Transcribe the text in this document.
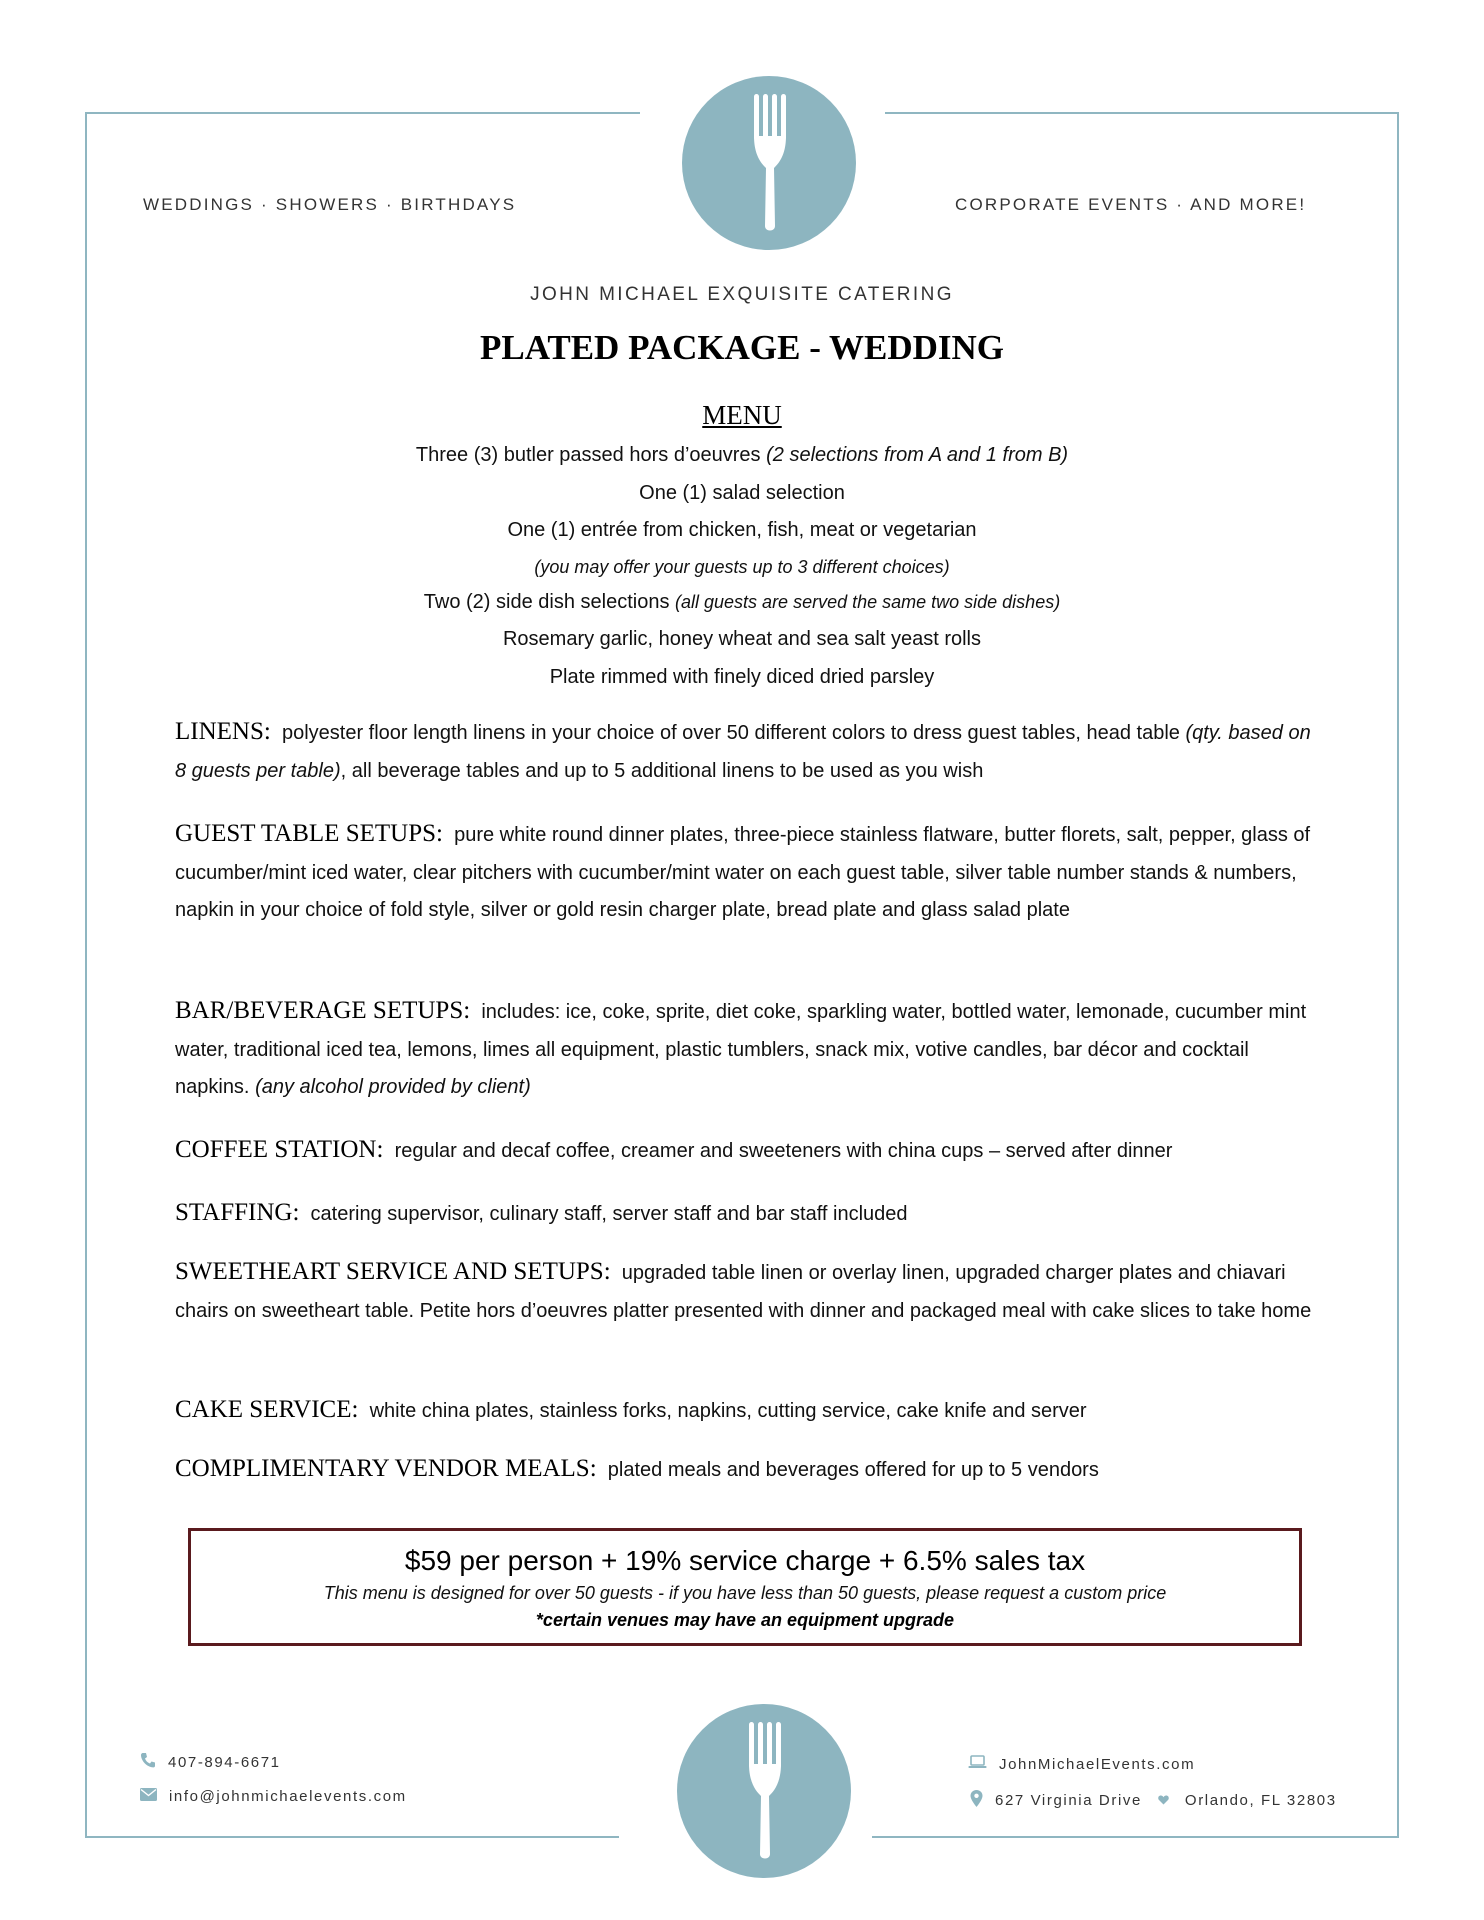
WEDDINGS · SHOWERS · BIRTHDAYS	CORPORATE EVENTS · AND MORE!
JOHN MICHAEL EXQUISITE CATERING
PLATED PACKAGE - WEDDING
MENU
Three (3) butler passed hors d’oeuvres (2 selections from A and 1 from B)
One (1) salad selection
One (1) entrée from chicken, fish, meat or vegetarian
(you may offer your guests up to 3 different choices)
Two (2) side dish selections (all guests are served the same two side dishes)
Rosemary garlic, honey wheat and sea salt yeast rolls
Plate rimmed with finely diced dried parsley
LINENS: polyester floor length linens in your choice of over 50 different colors to dress guest tables, head table (qty. based on 8 guests per table), all beverage tables and up to 5 additional linens to be used as you wish
GUEST TABLE SETUPS: pure white round dinner plates, three-piece stainless flatware, butter florets, salt, pepper, glass of cucumber/mint iced water, clear pitchers with cucumber/mint water on each guest table, silver table number stands & numbers, napkin in your choice of fold style, silver or gold resin charger plate, bread plate and glass salad plate
BAR/BEVERAGE SETUPS: includes: ice, coke, sprite, diet coke, sparkling water, bottled water, lemonade, cucumber mint water, traditional iced tea, lemons, limes all equipment, plastic tumblers, snack mix, votive candles, bar décor and cocktail napkins. (any alcohol provided by client)
COFFEE STATION: regular and decaf coffee, creamer and sweeteners with china cups – served after dinner
STAFFING: catering supervisor, culinary staff, server staff and bar staff included
SWEETHEART SERVICE AND SETUPS: upgraded table linen or overlay linen, upgraded charger plates and chiavari chairs on sweetheart table. Petite hors d’oeuvres platter presented with dinner and packaged meal with cake slices to take home
CAKE SERVICE: white china plates, stainless forks, napkins, cutting service, cake knife and server
COMPLIMENTARY VENDOR MEALS: plated meals and beverages offered for up to 5 vendors
$59 per person + 19% service charge + 6.5% sales tax
This menu is designed for over 50 guests - if you have less than 50 guests, please request a custom price
*certain venues may have an equipment upgrade
407-894-6671
info@johnmichaelevents.com
JohnMichaelEvents.com
627 Virginia Drive	Orlando, FL 32803
